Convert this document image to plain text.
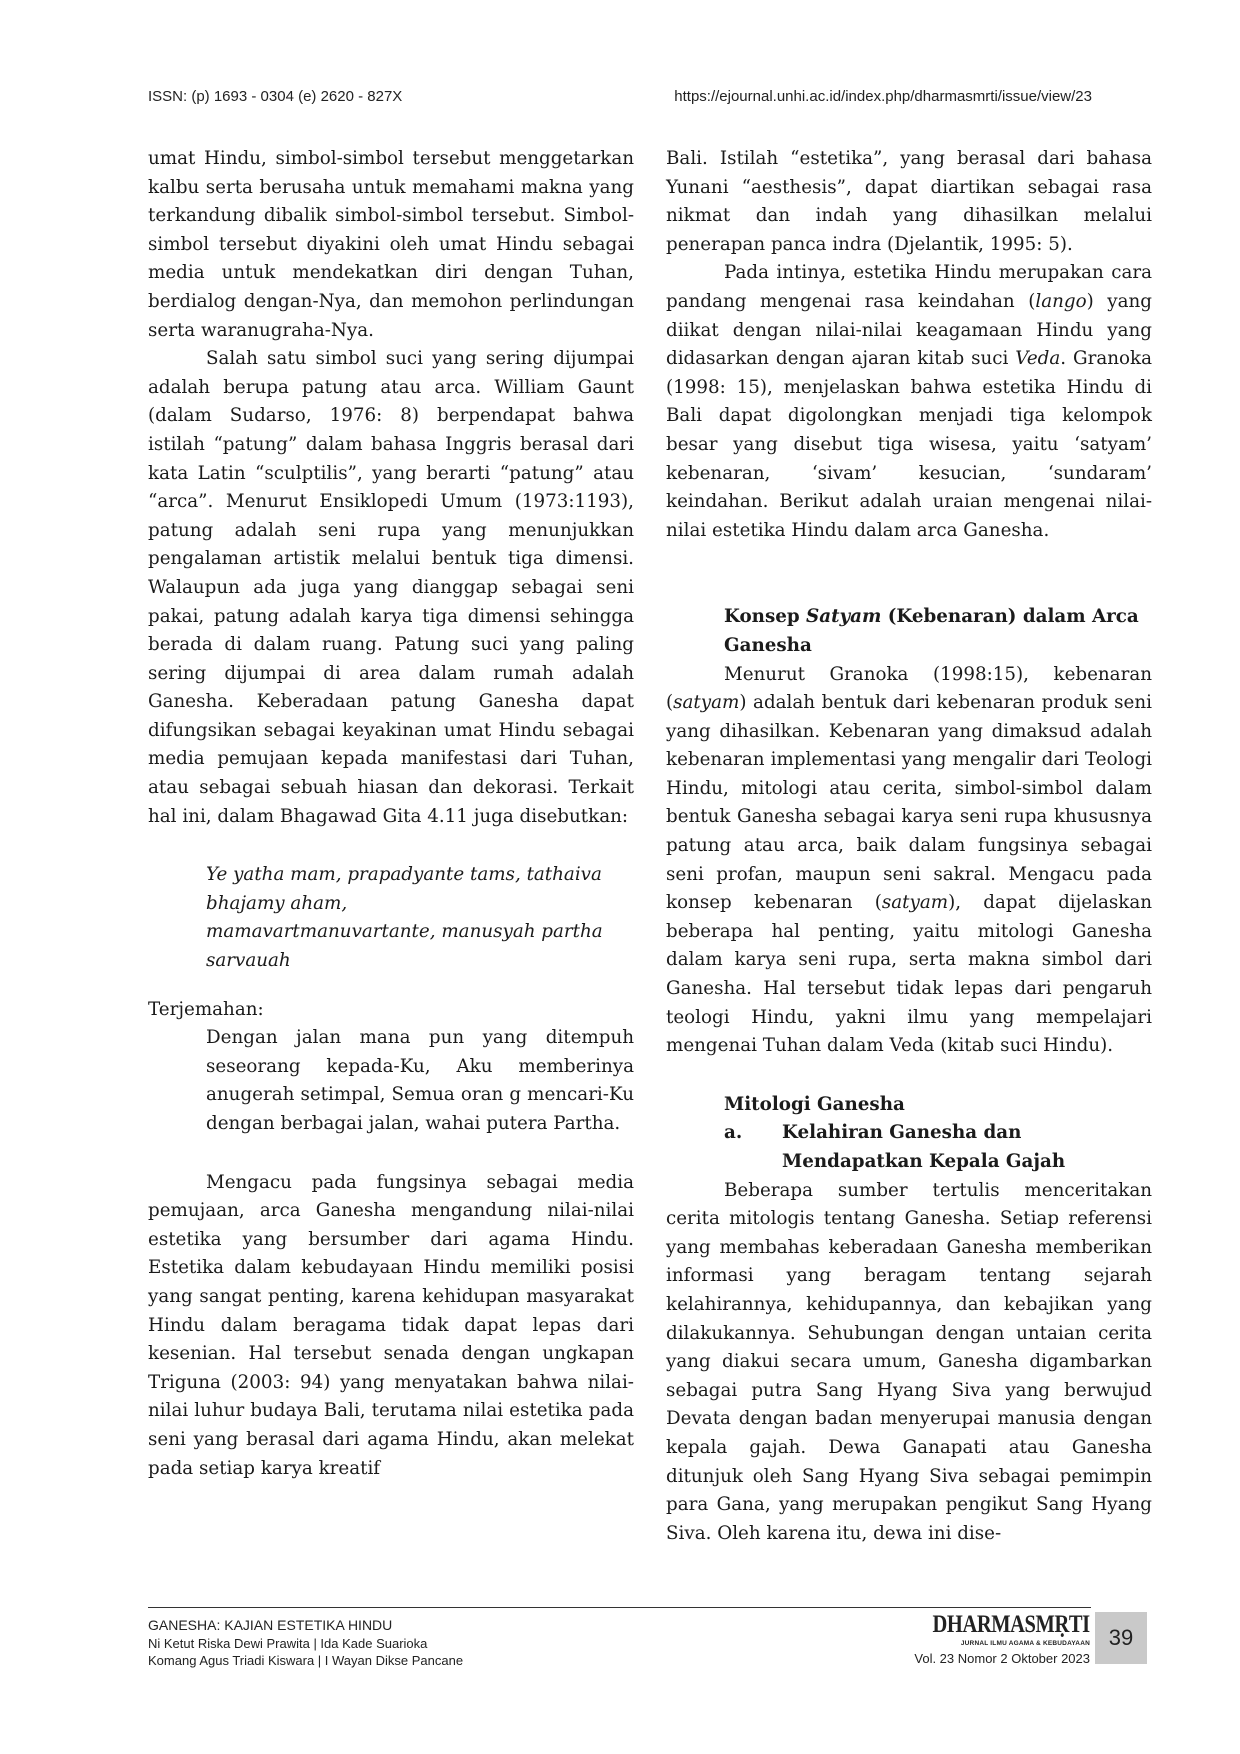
ISSN: (p) 1693 - 0304 (e) 2620 - 827X	https://ejournal.unhi.ac.id/index.php/dharmasmrti/issue/view/23

umat Hindu, simbol-simbol tersebut menggetarkan kalbu serta berusaha untuk memahami makna yang terkandung dibalik simbol-simbol tersebut. Simbol-simbol tersebut diyakini oleh umat Hindu sebagai media untuk mendekatkan diri dengan Tuhan, berdialog dengan-Nya, dan memohon perlindungan serta waranugraha-Nya.

Salah satu simbol suci yang sering dijumpai adalah berupa patung atau arca. William Gaunt (dalam Sudarso, 1976: 8) berpendapat bahwa istilah “patung” dalam bahasa Inggris berasal dari kata Latin “sculptilis”, yang berarti “patung” atau “arca”. Menurut Ensiklopedi Umum (1973:1193), patung adalah seni rupa yang menunjukkan pengalaman artistik melalui bentuk tiga dimensi. Walaupun ada juga yang dianggap sebagai seni pakai, patung adalah karya tiga dimensi sehingga berada di dalam ruang. Patung suci yang paling sering dijumpai di area dalam rumah adalah Ganesha. Keberadaan patung Ganesha dapat difungsikan sebagai keyakinan umat Hindu sebagai media pemujaan kepada manifestasi dari Tuhan, atau sebagai sebuah hiasan dan dekorasi. Terkait hal ini, dalam Bhagawad Gita 4.11 juga disebutkan:

Ye yatha mam, prapadyante tams, tathaiva bhajamy aham,

mamavartmanuvartante, manusyah partha sarvauah

Terjemahan:

Dengan jalan mana pun yang ditempuh seseorang kepada-Ku, Aku memberinya anugerah setimpal, Semua oran g mencari-Ku dengan berbagai jalan, wahai putera Partha.

Mengacu pada fungsinya sebagai media pemujaan, arca Ganesha mengandung nilai-nilai estetika yang bersumber dari agama Hindu. Estetika dalam kebudayaan Hindu memiliki posisi yang sangat penting, karena kehidupan masyarakat Hindu dalam beragama tidak dapat lepas dari kesenian. Hal tersebut senada dengan ungkapan Triguna (2003: 94) yang menyatakan bahwa nilai-nilai luhur budaya Bali, terutama nilai estetika pada seni yang berasal dari agama Hindu, akan melekat pada setiap karya kreatif

Bali. Istilah “estetika”, yang berasal dari bahasa Yunani “aesthesis”, dapat diartikan sebagai rasa nikmat dan indah yang dihasilkan melalui penerapan panca indra (Djelantik, 1995: 5).

Pada intinya, estetika Hindu merupakan cara pandang mengenai rasa keindahan (lango) yang diikat dengan nilai-nilai keagamaan Hindu yang didasarkan dengan ajaran kitab suci Veda. Granoka (1998: 15), menjelaskan bahwa estetika Hindu di Bali dapat digolongkan menjadi tiga kelompok besar yang disebut tiga wisesa, yaitu ‘satyam’ kebenaran, ‘sivam’ kesucian, ‘sundaram’ keindahan. Berikut adalah uraian mengenai nilai-nilai estetika Hindu dalam arca Ganesha.

Konsep Satyam (Kebenaran) dalam Arca Ganesha

Menurut Granoka (1998:15), kebenaran (satyam) adalah bentuk dari kebenaran produk seni yang dihasilkan. Kebenaran yang dimaksud adalah kebenaran implementasi yang mengalir dari Teologi Hindu, mitologi atau cerita, simbol-simbol dalam bentuk Ganesha sebagai karya seni rupa khususnya patung atau arca, baik dalam fungsinya sebagai seni profan, maupun seni sakral. Mengacu pada konsep kebenaran (satyam), dapat dijelaskan beberapa hal penting, yaitu mitologi Ganesha dalam karya seni rupa, serta makna simbol dari Ganesha. Hal tersebut tidak lepas dari pengaruh teologi Hindu, yakni ilmu yang mempelajari mengenai Tuhan dalam Veda (kitab suci Hindu).

Mitologi Ganesha

a.	Kelahiran Ganesha dan Mendapatkan Kepala Gajah

Beberapa sumber tertulis menceritakan cerita mitologis tentang Ganesha. Setiap referensi yang membahas keberadaan Ganesha memberikan informasi yang beragam tentang sejarah kelahirannya, kehidupannya, dan kebajikan yang dilakukannya. Sehubungan dengan untaian cerita yang diakui secara umum, Ganesha digambarkan sebagai putra Sang Hyang Siva yang berwujud Devata dengan badan menyerupai manusia dengan kepala gajah. Dewa Ganapati atau Ganesha ditunjuk oleh Sang Hyang Siva sebagai pemimpin para Gana, yang merupakan pengikut Sang Hyang Siva. Oleh karena itu, dewa ini dise-

GANESHA: KAJIAN ESTETIKA HINDU
Ni Ketut Riska Dewi Prawita | Ida Kade Suarioka
Komang Agus Triadi Kiswara | I Wayan Dikse Pancane
DHARMASMṚTI
JURNAL ILMU AGAMA & KEBUDAYAAN
Vol. 23 Nomor 2 Oktober 2023
39
